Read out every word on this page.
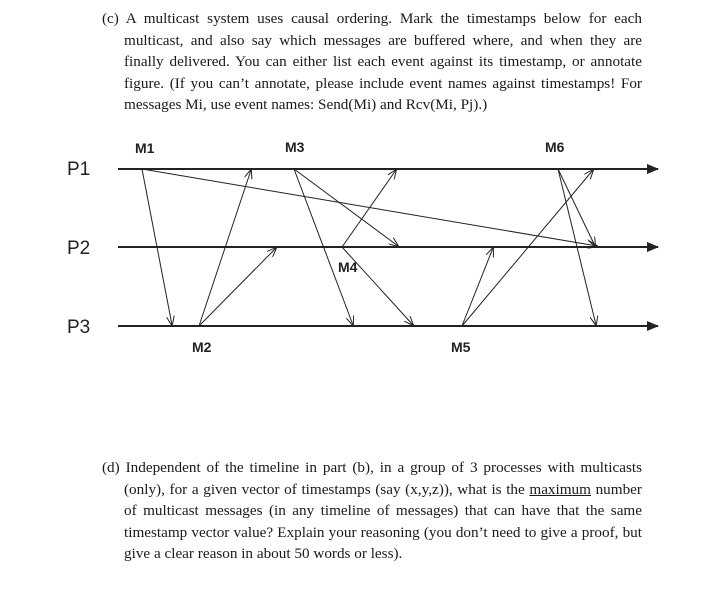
(c) A multicast system uses causal ordering. Mark the timestamps below for each multicast, and also say which messages are buffered where, and when they are finally delivered. You can either list each event against its timestamp, or annotate figure. (If you can’t annotate, please include event names against timestamps! For messages Mi, use event names: Send(Mi) and Rcv(Mi, Pj).)

P1
P2
P3
M1
M2
M3
M4
M5
M6

(d) Independent of the timeline in part (b), in a group of 3 processes with multicasts (only), for a given vector of timestamps (say (x,y,z)), what is the maximum number of multicast messages (in any timeline of messages) that can have that the same timestamp vector value? Explain your reasoning (you don’t need to give a proof, but give a clear reason in about 50 words or less).
